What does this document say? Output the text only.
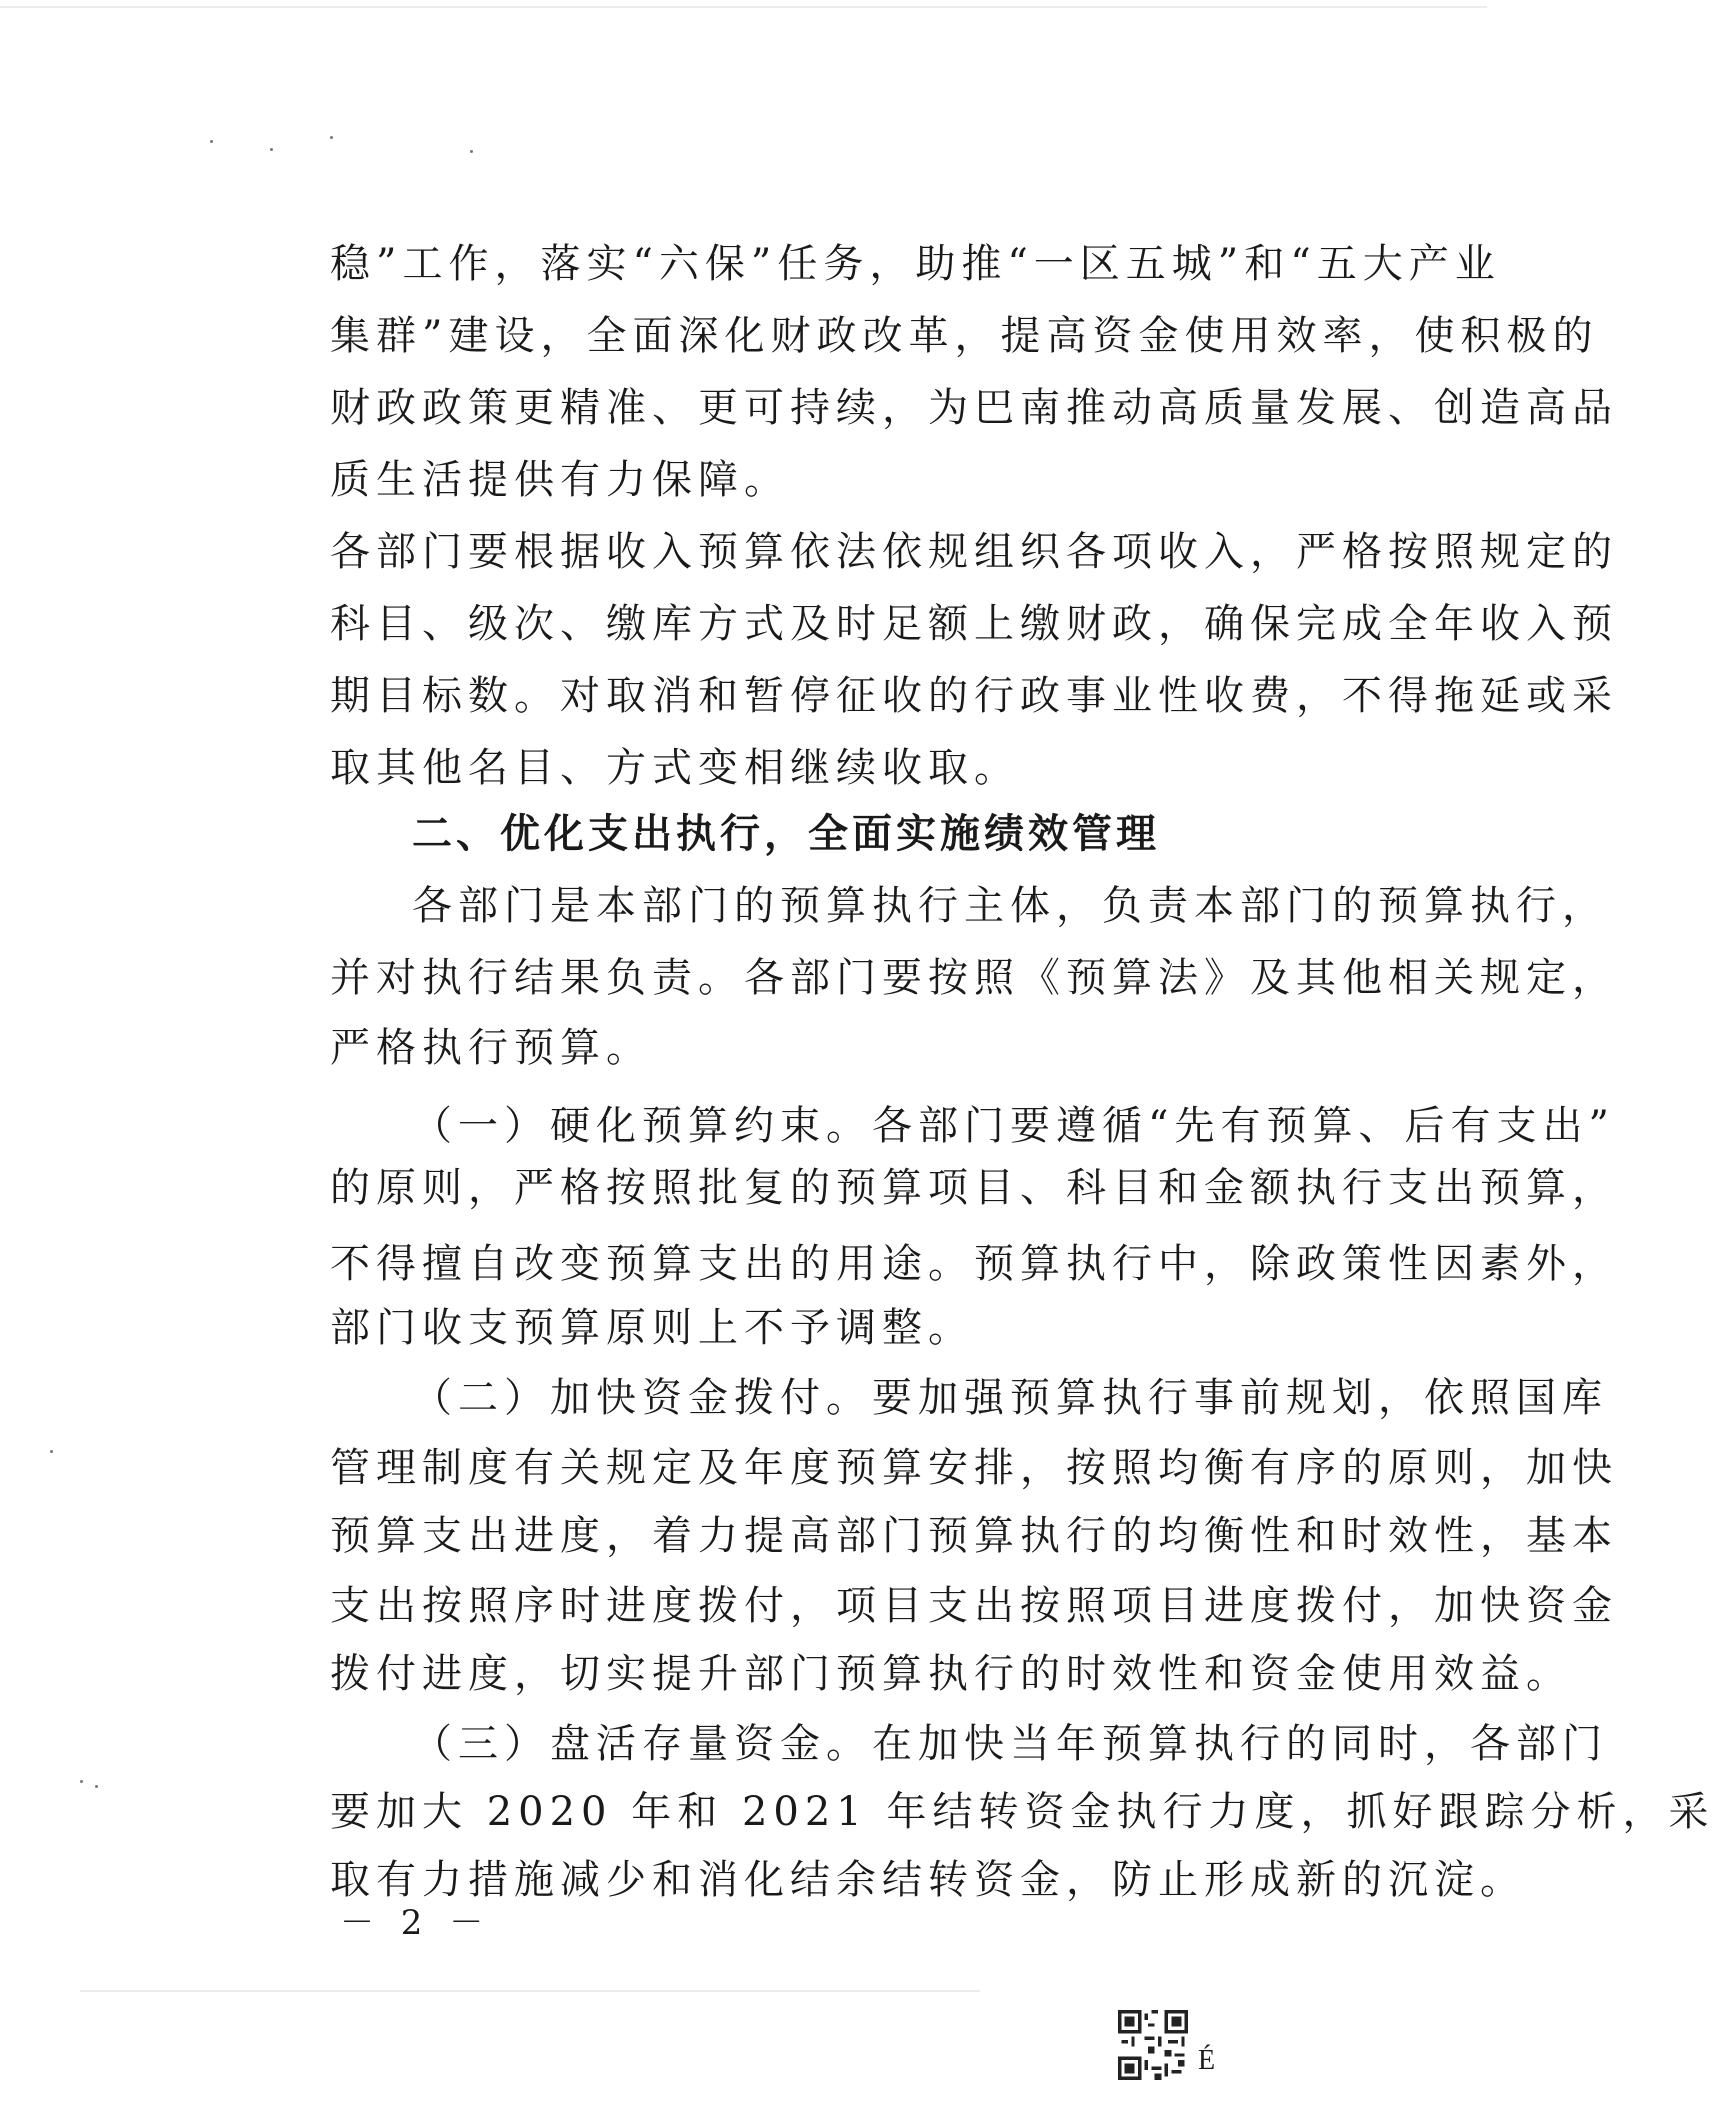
稳”工作，落实“六保”任务，助推“一区五城”和“五大产业
集群”建设，全面深化财政改革，提高资金使用效率，使积极的
财政政策更精准、更可持续，为巴南推动高质量发展、创造高品
质生活提供有力保障。
各部门要根据收入预算依法依规组织各项收入，严格按照规定的
科目、级次、缴库方式及时足额上缴财政，确保完成全年收入预
期目标数。对取消和暂停征收的行政事业性收费，不得拖延或采
取其他名目、方式变相继续收取。
二、优化支出执行，全面实施绩效管理
各部门是本部门的预算执行主体，负责本部门的预算执行，
并对执行结果负责。各部门要按照《预算法》及其他相关规定，
严格执行预算。
（一）硬化预算约束。各部门要遵循“先有预算、后有支出”
的原则，严格按照批复的预算项目、科目和金额执行支出预算，
不得擅自改变预算支出的用途。预算执行中，除政策性因素外，
部门收支预算原则上不予调整。
（二）加快资金拨付。要加强预算执行事前规划，依照国库
管理制度有关规定及年度预算安排，按照均衡有序的原则，加快
预算支出进度，着力提高部门预算执行的均衡性和时效性，基本
支出按照序时进度拨付，项目支出按照项目进度拨付，加快资金
拨付进度，切实提升部门预算执行的时效性和资金使用效益。
（三）盘活存量资金。在加快当年预算执行的同时，各部门
要加大 2020 年和 2021 年结转资金执行力度，抓好跟踪分析，采
取有力措施减少和消化结余结转资金，防止形成新的沉淀。
－ 2 －
É
